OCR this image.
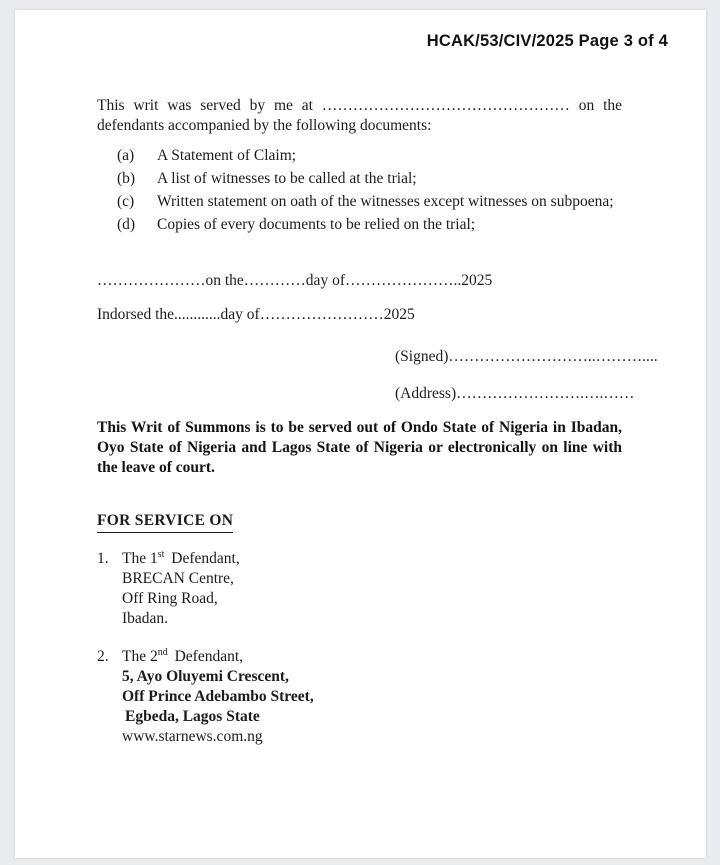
HCAK/53/CIV/2025 Page 3 of 4

This writ was served by me at ………………………………………… on the defendants accompanied by the following documents:

(a)	A Statement of Claim;
(b)	A list of witnesses to be called at the trial;
(c)	Written statement on oath of the witnesses except witnesses on subpoena;
(d)	Copies of every documents to be relied on the trial;

…………………on the…………day of…………………..2025

Indorsed the............day of……………………2025

(Signed)………………………..………....

(Address)…………………….….……

This Writ of Summons is to be served out of Ondo State of Nigeria in Ibadan, Oyo State of Nigeria and Lagos State of Nigeria or electronically on line with the leave of court.

FOR SERVICE ON
1. The 1st Defendant,

BRECAN Centre,

Off Ring Road,

Ibadan.

2. The 2nd Defendant,

5, Ayo Oluyemi Crescent,

Off Prince Adebambo Street,

Egbeda, Lagos State

www.starnews.com.ng
